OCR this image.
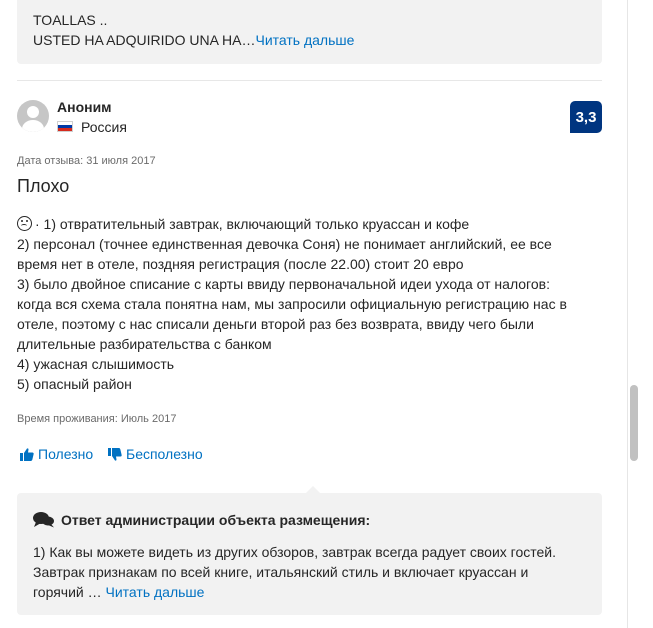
TOALLAS ..
USTED HA ADQUIRIDO UNA HA…Читать дальше
Аноним
Россия
3,3
Дата отзыва: 31 июля 2017
Плохо
· 1) отвратительный завтрак, включающий только круассан и кофе
2) персонал (точнее единственная девочка Соня) не понимает английский, ее все
время нет в отеле, поздняя регистрация (после 22.00) стоит 20 евро
3) было двойное списание с карты ввиду первоначальной идеи ухода от налогов:
когда вся схема стала понятна нам, мы запросили официальную регистрацию нас в
отеле, поэтому с нас списали деньги второй раз без возврата, ввиду чего были
длительные разбирательства с банком
4) ужасная слышимость
5) опасный район
Время проживания: Июль 2017
Полезно Бесполезно
Ответ администрации объекта размещения:
1) Как вы можете видеть из других обзоров, завтрак всегда радует своих гостей.
Завтрак признакам по всей книге, итальянский стиль и включает круассан и
горячий … Читать дальше
